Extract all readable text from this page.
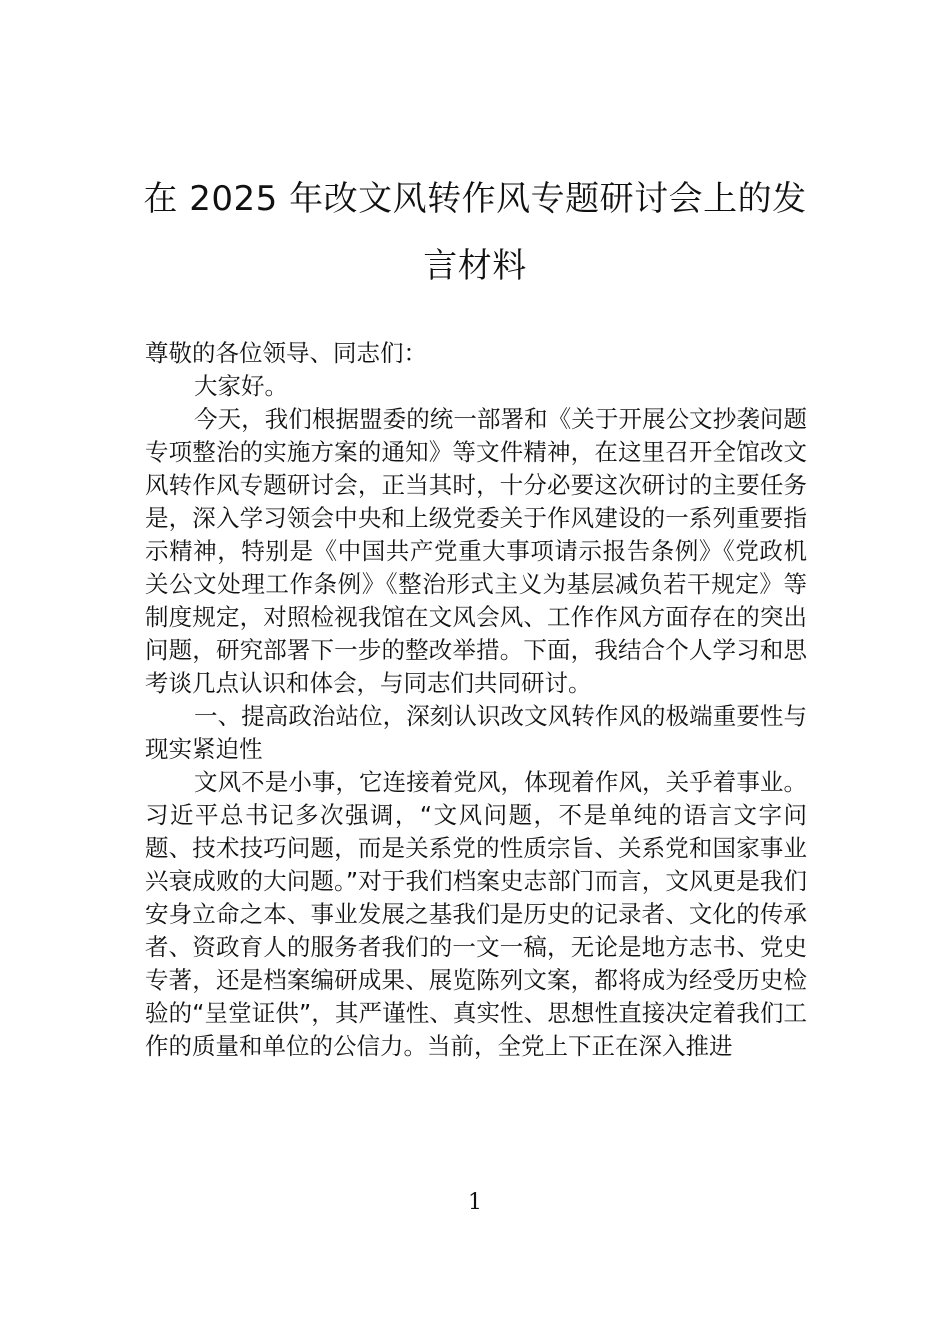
在 2025 年改文风转作风专题研讨会上的发
言材料

尊敬的各位领导、同志们：

大家好。

今天，我们根据盟委的统一部署和《关于开展公文抄袭问题专项整治的实施方案的通知》等文件精神，在这里召开全馆改文风转作风专题研讨会，正当其时，十分必要这次研讨的主要任务是，深入学习领会中央和上级党委关于作风建设的一系列重要指示精神，特别是《中国共产党重大事项请示报告条例》《党政机关公文处理工作条例》《整治形式主义为基层减负若干规定》等制度规定，对照检视我馆在文风会风、工作作风方面存在的突出问题，研究部署下一步的整改举措。下面，我结合个人学习和思考谈几点认识和体会，与同志们共同研讨。

一、提高政治站位，深刻认识改文风转作风的极端重要性与现实紧迫性

文风不是小事，它连接着党风，体现着作风，关乎着事业。习近平总书记多次强调，“文风问题，不是单纯的语言文字问题、技术技巧问题，而是关系党的性质宗旨、关系党和国家事业兴衰成败的大问题。”对于我们档案史志部门而言，文风更是我们安身立命之本、事业发展之基我们是历史的记录者、文化的传承者、资政育人的服务者我们的一文一稿，无论是地方志书、党史专著，还是档案编研成果、展览陈列文案，都将成为经受历史检验的“呈堂证供”，其严谨性、真实性、思想性直接决定着我们工作的质量和单位的公信力。当前，全党上下正在深入推进

1
